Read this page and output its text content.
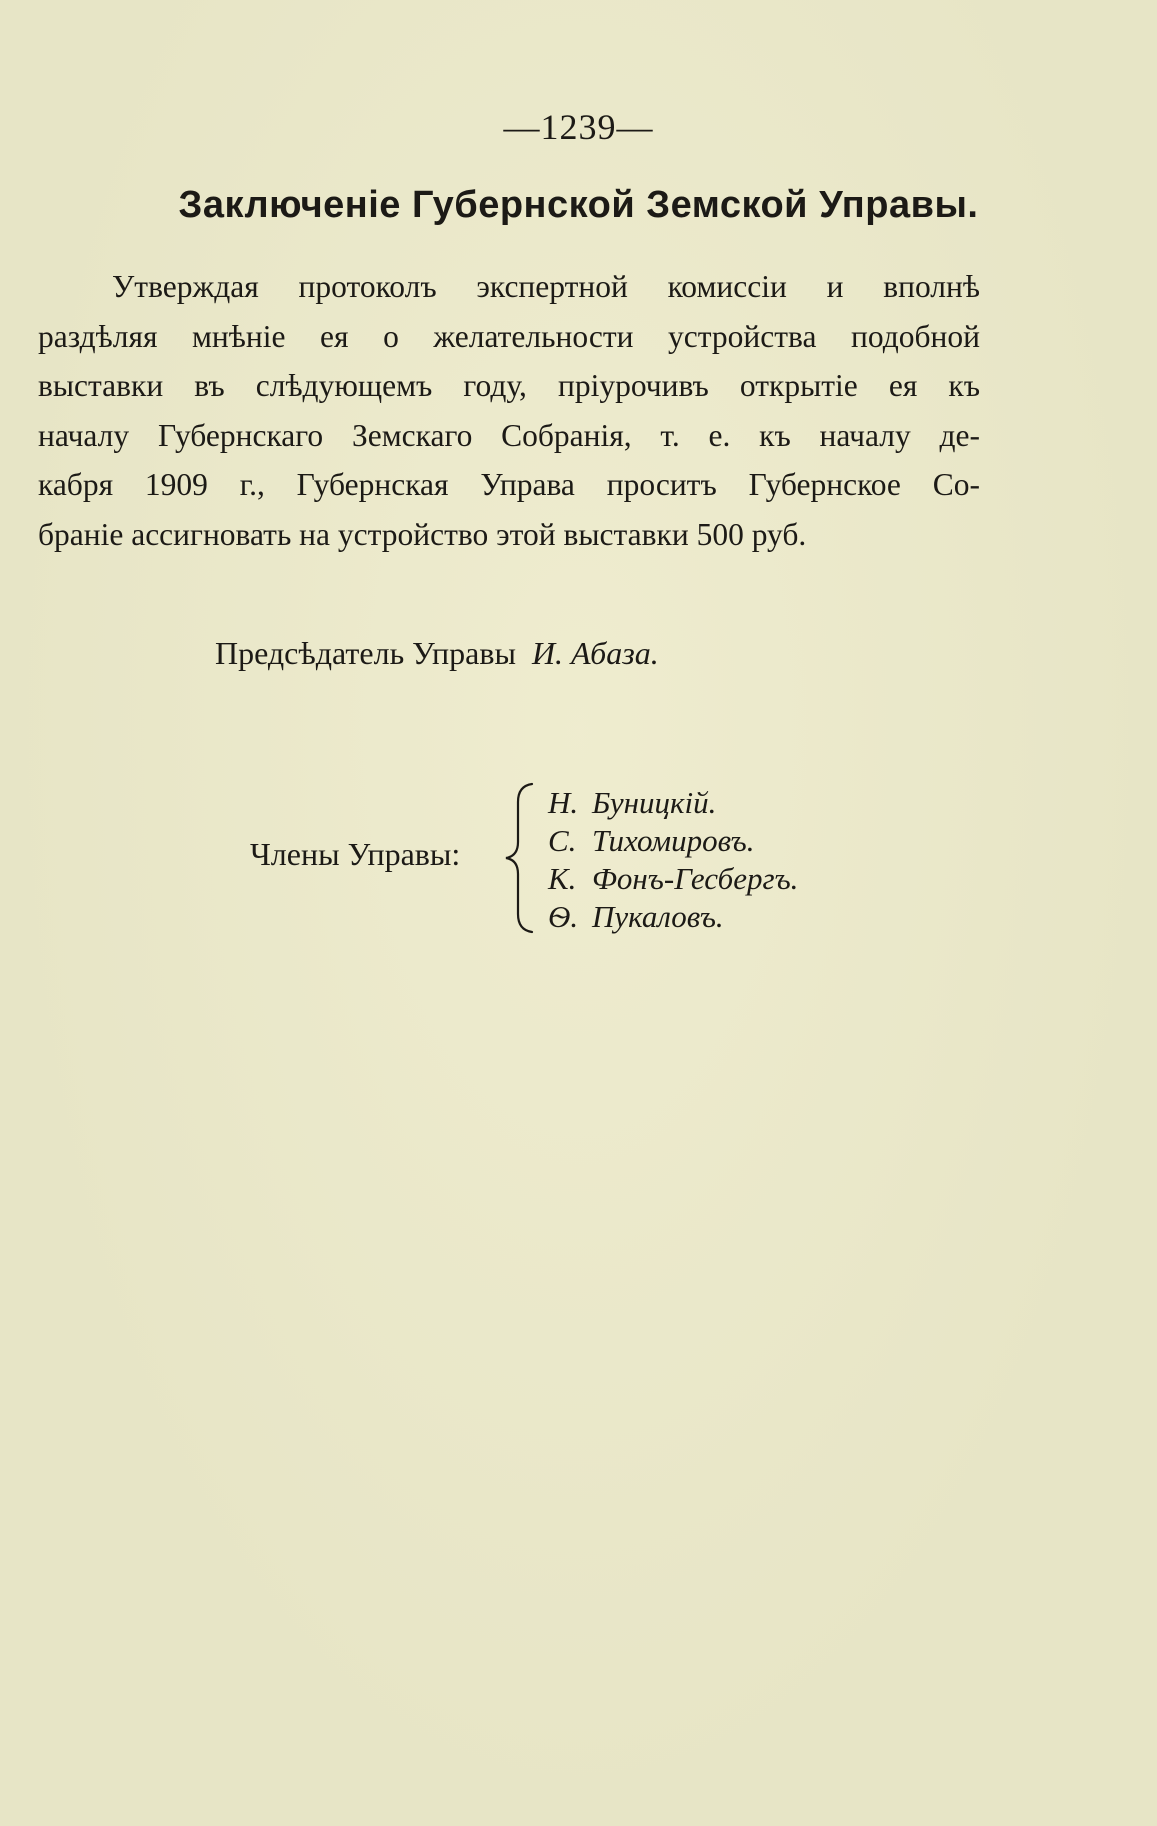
—1239—
Заключеніе Губернской Земской Управы.
Утверждая протоколъ экспертной комиссіи и вполнѣ
раздѣляя мнѣніе ея о желательности устройства подобной
выставки въ слѣдующемъ году, пріурочивъ открытіе ея къ
началу Губернскаго Земскаго Собранія, т. е. къ началу де-
кабря 1909 г., Губернская Управа проситъ Губернское Со-
браніе ассигновать на устройство этой выставки 500 руб.
Предсѣдатель Управы И. Абаза.
Члены Управы:
Н. Буницкій.
С. Тихомировъ.
К. Фонъ-Гесбергъ.
Ѳ. Пукаловъ.
